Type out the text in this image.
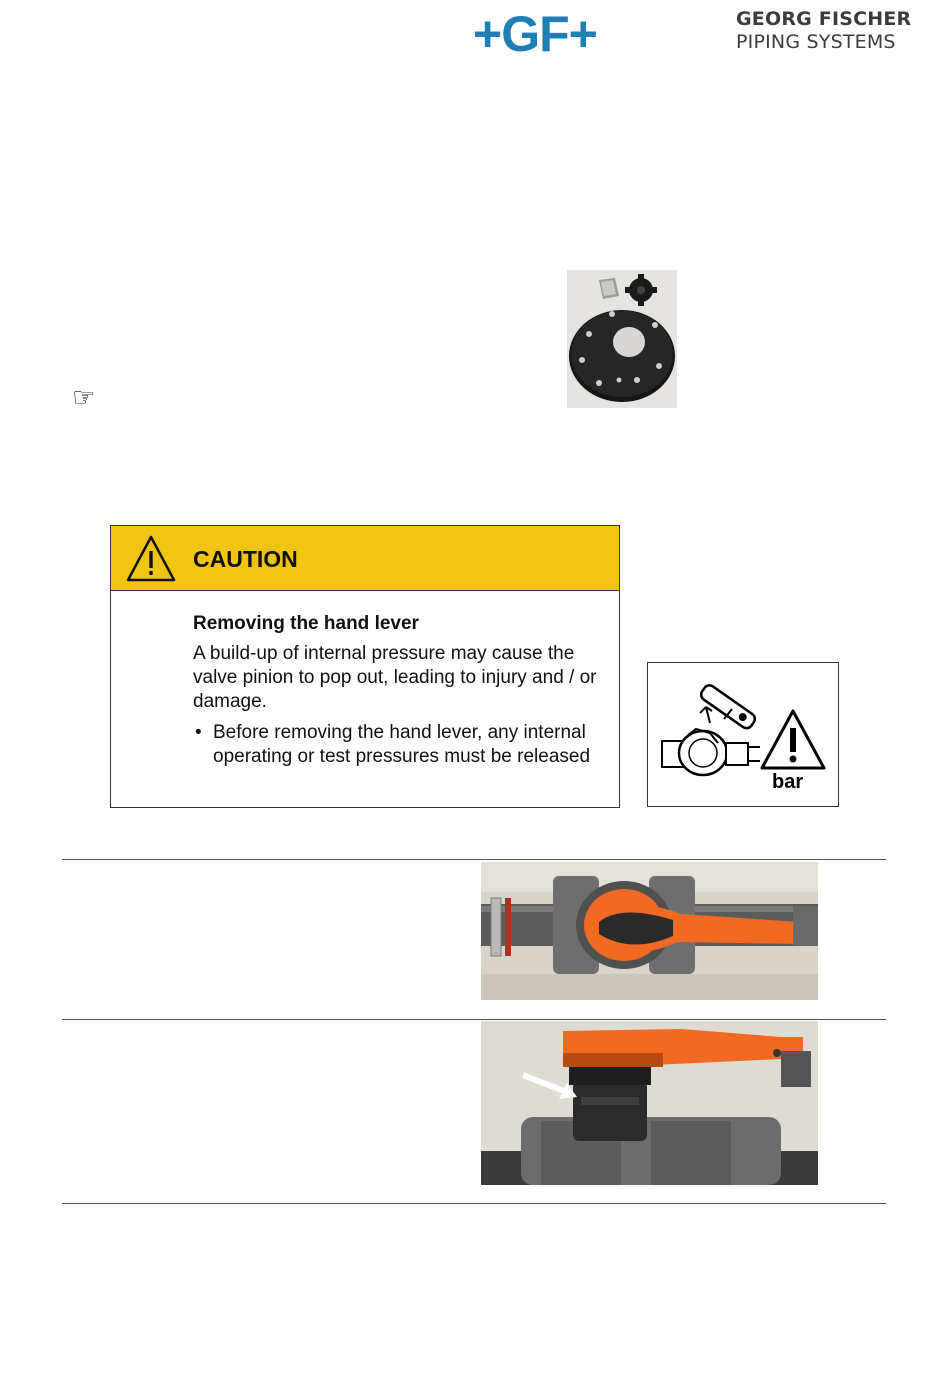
+GF+	GEORG FISCHER
PIPING SYSTEMS
☞
CAUTION
Removing the hand lever

A build-up of internal pressure may cause the valve pinion to pop out, leading to injury and / or damage.

• Before removing the hand lever, any internal operating or test pressures must be released
bar
